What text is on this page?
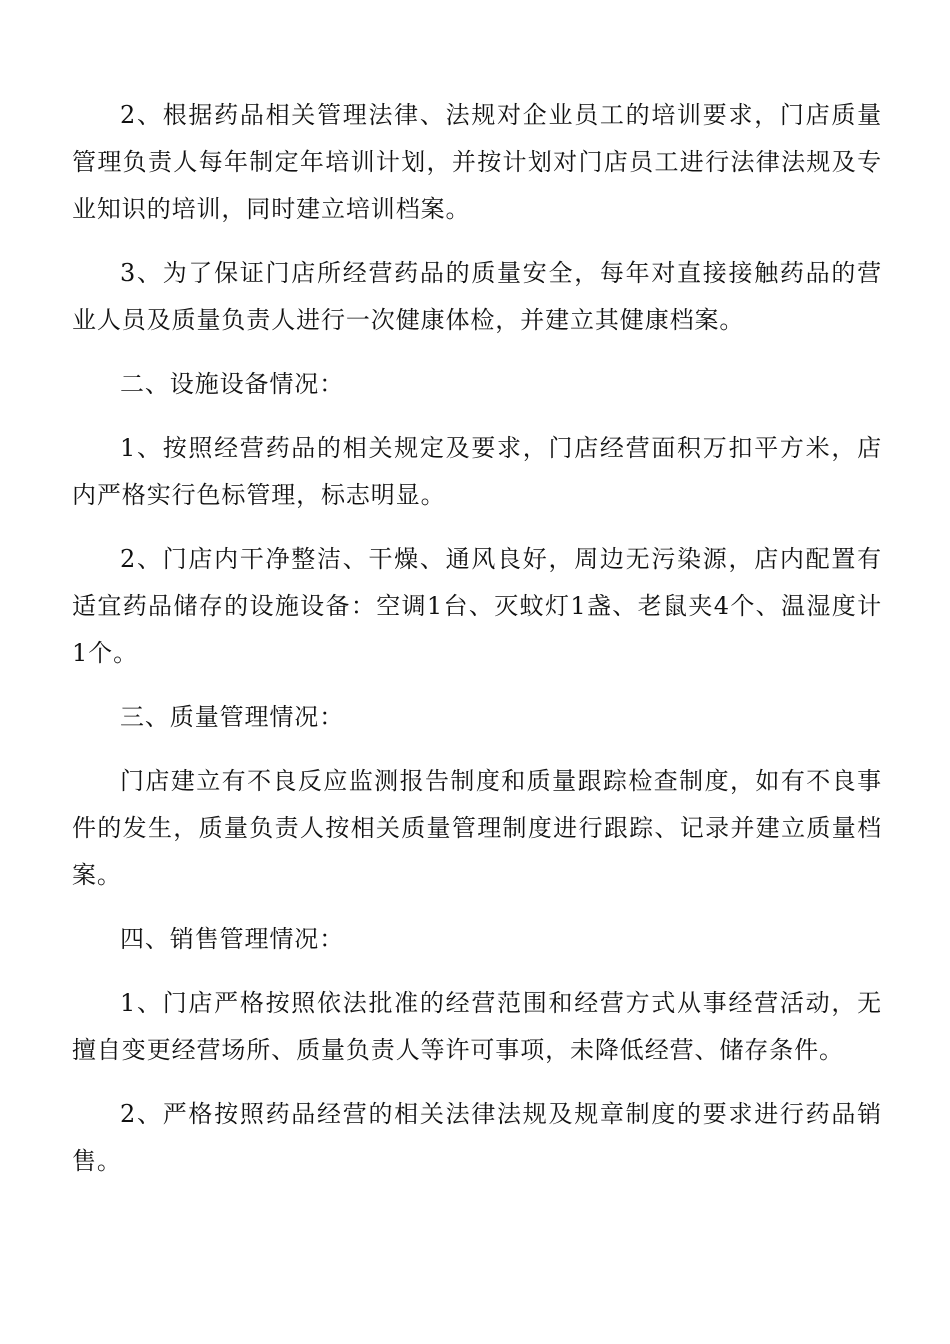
2、根据药品相关管理法律、法规对企业员工的培训要求，门店质量管理负责人每年制定年培训计划，并按计划对门店员工进行法律法规及专业知识的培训，同时建立培训档案。

3、为了保证门店所经营药品的质量安全，每年对直接接触药品的营业人员及质量负责人进行一次健康体检，并建立其健康档案。

二、设施设备情况：

1、按照经营药品的相关规定及要求，门店经营面积万扣平方米，店内严格实行色标管理，标志明显。

2、门店内干净整洁、干燥、通风良好，周边无污染源，店内配置有适宜药品储存的设施设备：空调1台、灭蚊灯1盏、老鼠夹4个、温湿度计1个。

三、质量管理情况：

门店建立有不良反应监测报告制度和质量跟踪检查制度，如有不良事件的发生，质量负责人按相关质量管理制度进行跟踪、记录并建立质量档案。

四、销售管理情况：

1、门店严格按照依法批准的经营范围和经营方式从事经营活动，无擅自变更经营场所、质量负责人等许可事项，未降低经营、储存条件。

2、严格按照药品经营的相关法律法规及规章制度的要求进行药品销售。
